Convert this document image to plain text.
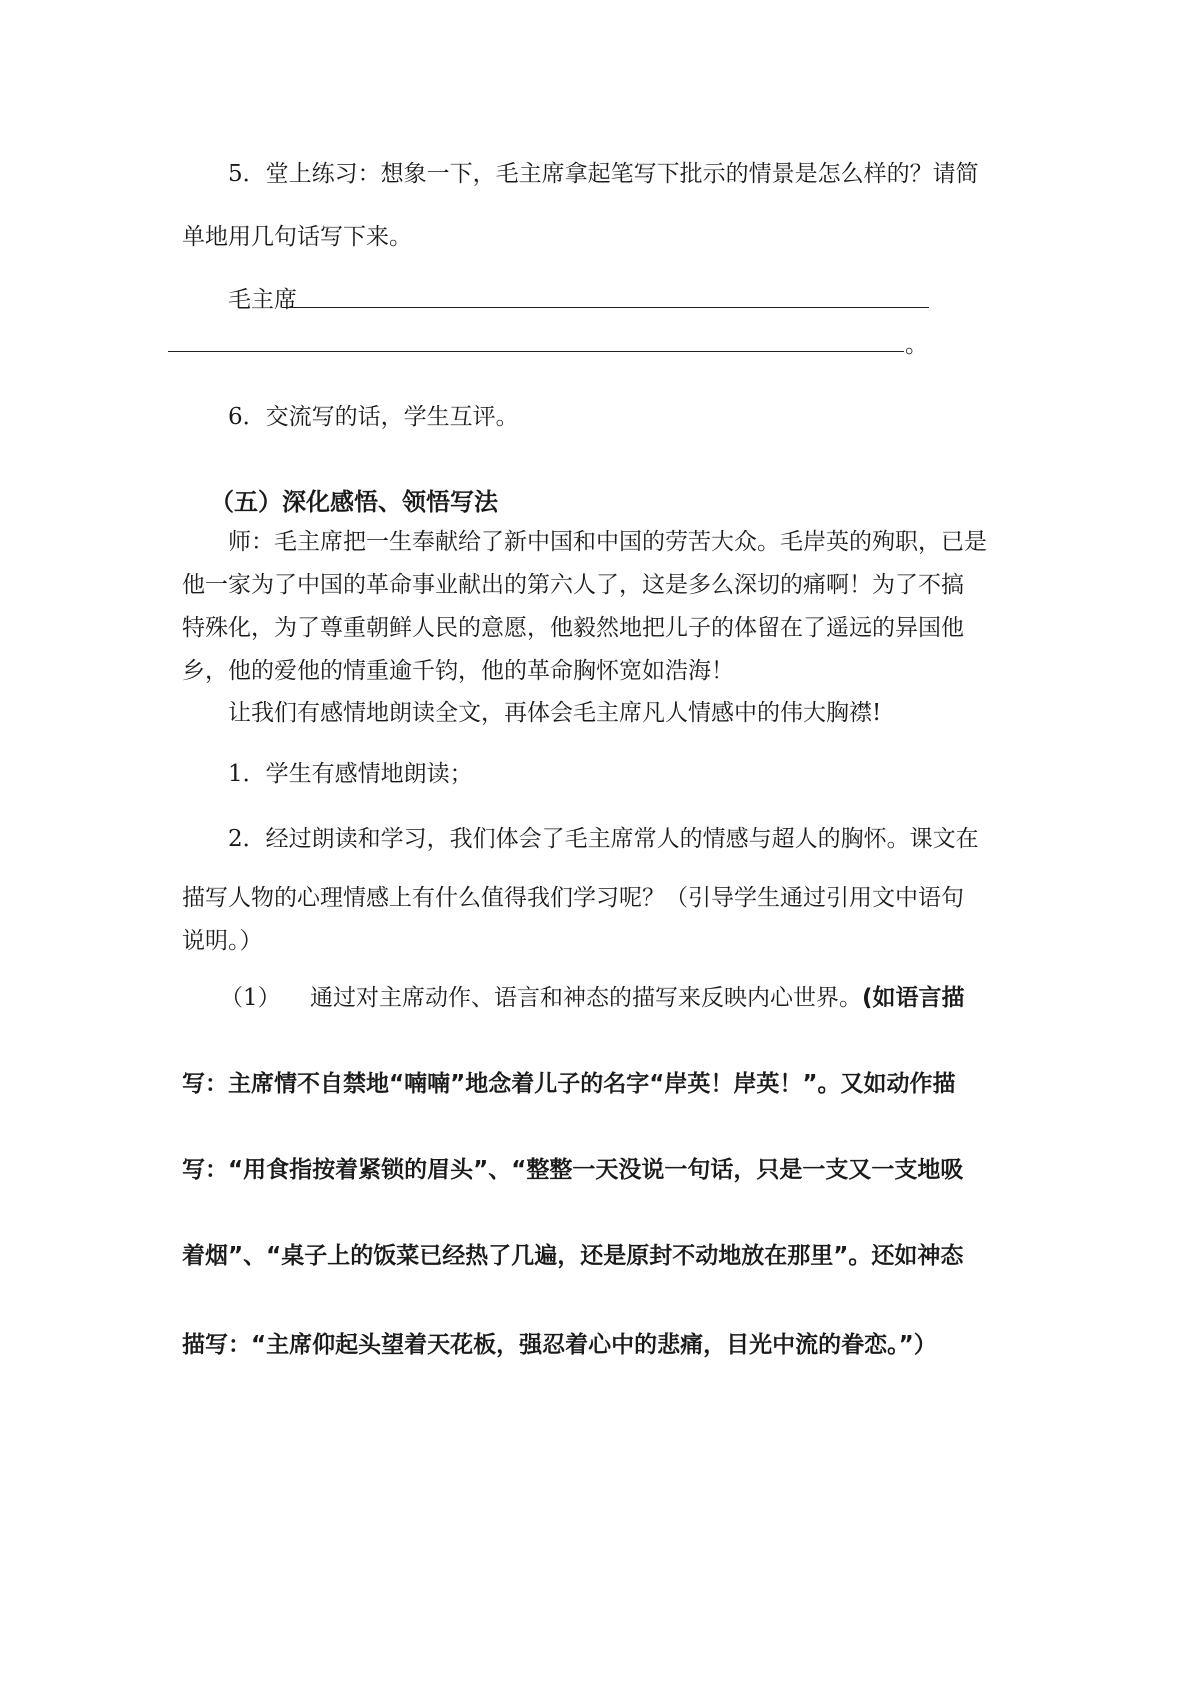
5．堂上练习：想象一下，毛主席拿起笔写下批示的情景是怎么样的？请简
单地用几句话写下来。
毛主席
。
6．交流写的话，学生互评。
（五）深化感悟、领悟写法
师：毛主席把一生奉献给了新中国和中国的劳苦大众。毛岸英的殉职，已是
他一家为了中国的革命事业献出的第六人了，这是多么深切的痛啊！为了不搞
特殊化，为了尊重朝鲜人民的意愿，他毅然地把儿子的体留在了遥远的异国他
乡，他的爱他的情重逾千钧，他的革命胸怀宽如浩海！
让我们有感情地朗读全文，再体会毛主席凡人情感中的伟大胸襟!
1．学生有感情地朗读；
2．经过朗读和学习，我们体会了毛主席常人的情感与超人的胸怀。课文在
描写人物的心理情感上有什么值得我们学习呢？（引导学生通过引用文中语句
说明。）
（1） 通过对主席动作、语言和神态的描写来反映内心世界。(如语言描
写：主席情不自禁地“喃喃”地念着儿子的名字“岸英！岸英！”。又如动作描
写：“用食指按着紧锁的眉头”、“整整一天没说一句话，只是一支又一支地吸
着烟”、“桌子上的饭菜已经热了几遍，还是原封不动地放在那里”。还如神态
描写：“主席仰起头望着天花板，强忍着心中的悲痛，目光中流的眷恋。”）
